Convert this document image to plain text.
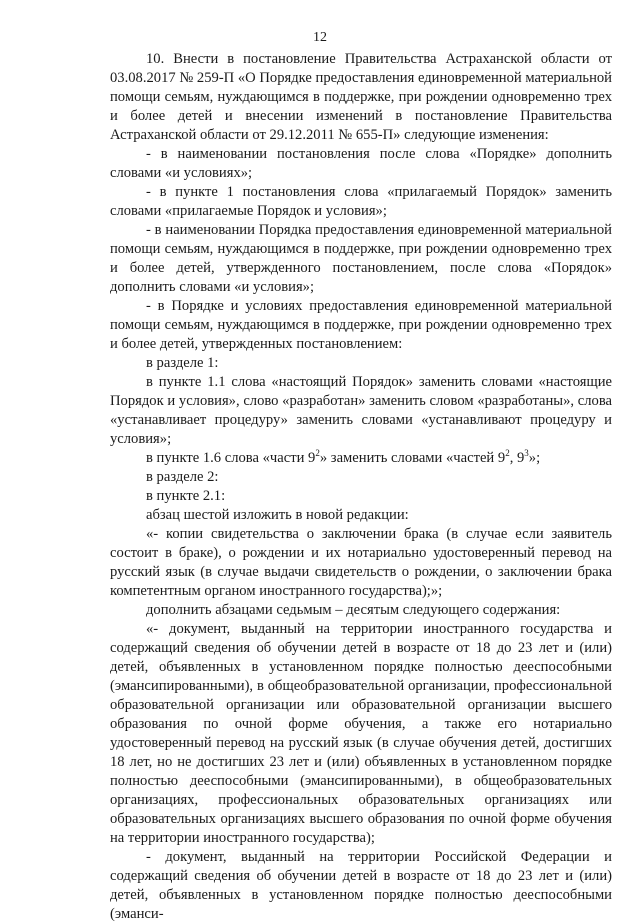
12

10. Внести в постановление Правительства Астраханской области от 03.08.2017 № 259-П «О Порядке предоставления единовременной материальной помощи семьям, нуждающимся в поддержке, при рождении одновременно трех и более детей и внесении изменений в постановление Правительства Астраханской области от 29.12.2011 № 655-П» следующие изменения:

- в наименовании постановления после слова «Порядке» дополнить словами «и условиях»;

- в пункте 1 постановления слова «прилагаемый Порядок» заменить словами «прилагаемые Порядок и условия»;

- в наименовании Порядка предоставления единовременной материальной помощи семьям, нуждающимся в поддержке, при рождении одновременно трех и более детей, утвержденного постановлением, после слова «Порядок» дополнить словами «и условия»;

- в Порядке и условиях предоставления единовременной материальной помощи семьям, нуждающимся в поддержке, при рождении одновременно трех и более детей, утвержденных постановлением:

в разделе 1:

в пункте 1.1 слова «настоящий Порядок» заменить словами «настоящие Порядок и условия», слово «разработан» заменить словом «разработаны», слова «устанавливает процедуру» заменить словами «устанавливают процедуру и условия»;

в пункте 1.6 слова «части $9^2$» заменить словами «частей $9^2$, $9^3$»;

в разделе 2:

в пункте 2.1:

абзац шестой изложить в новой редакции:

«- копии свидетельства о заключении брака (в случае если заявитель состоит в браке), о рождении и их нотариально удостоверенный перевод на русский язык (в случае выдачи свидетельств о рождении, о заключении брака компетентным органом иностранного государства);»;

дополнить абзацами седьмым – десятым следующего содержания:

«- документ, выданный на территории иностранного государства и содержащий сведения об обучении детей в возрасте от 18 до 23 лет и (или) детей, объявленных в установленном порядке полностью дееспособными (эмансипированными), в общеобразовательной организации, профессиональной образовательной организации или образовательной организации высшего образования по очной форме обучения, а также его нотариально удостоверенный перевод на русский язык (в случае обучения детей, достигших 18 лет, но не достигших 23 лет и (или) объявленных в установленном порядке полностью дееспособными (эмансипированными), в общеобразовательных организациях, профессиональных образовательных организациях или образовательных организациях высшего образования по очной форме обучения на территории иностранного государства);

- документ, выданный на территории Российской Федерации и содержащий сведения об обучении детей в возрасте от 18 до 23 лет и (или) детей, объявленных в установленном порядке полностью дееспособными (эманси-
